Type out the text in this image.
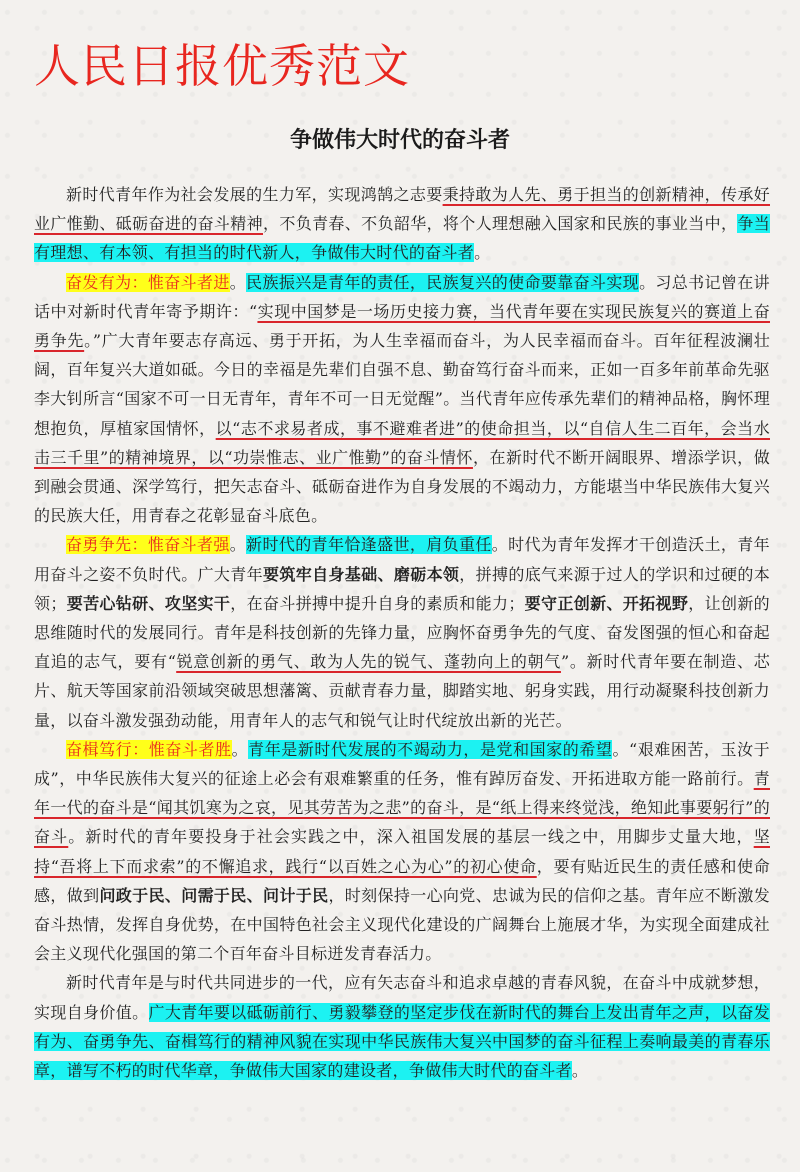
人民日报优秀范文
争做伟大时代的奋斗者

新时代青年作为社会发展的生力军，实现鸿鹄之志要秉持敢为人先、勇于担当的创新精神，传承好业广惟勤、砥砺奋进的奋斗精神，不负青春、不负韶华，将个人理想融入国家和民族的事业当中，争当有理想、有本领、有担当的时代新人，争做伟大时代的奋斗者。

奋发有为：惟奋斗者进。民族振兴是青年的责任，民族复兴的使命要靠奋斗实现。习总书记曾在讲话中对新时代青年寄予期许：“实现中国梦是一场历史接力赛，当代青年要在实现民族复兴的赛道上奋勇争先。”广大青年要志存高远、勇于开拓，为人生幸福而奋斗，为人民幸福而奋斗。百年征程波澜壮阔，百年复兴大道如砥。今日的幸福是先辈们自强不息、勤奋笃行奋斗而来，正如一百多年前革命先驱李大钊所言“国家不可一日无青年，青年不可一日无觉醒”。当代青年应传承先辈们的精神品格，胸怀理想抱负，厚植家国情怀，以“志不求易者成，事不避难者进”的使命担当，以“自信人生二百年，会当水击三千里”的精神境界，以“功崇惟志、业广惟勤”的奋斗情怀，在新时代不断开阔眼界、增添学识，做到融会贯通、深学笃行，把矢志奋斗、砥砺奋进作为自身发展的不竭动力，方能堪当中华民族伟大复兴的民族大任，用青春之花彰显奋斗底色。

奋勇争先：惟奋斗者强。新时代的青年恰逢盛世，肩负重任。时代为青年发挥才干创造沃土，青年用奋斗之姿不负时代。广大青年要筑牢自身基础、磨砺本领，拼搏的底气来源于过人的学识和过硬的本领；要苦心钻研、攻坚实干，在奋斗拼搏中提升自身的素质和能力；要守正创新、开拓视野，让创新的思维随时代的发展同行。青年是科技创新的先锋力量，应胸怀奋勇争先的气度、奋发图强的恒心和奋起直追的志气，要有“锐意创新的勇气、敢为人先的锐气、蓬勃向上的朝气”。新时代青年要在制造、芯片、航天等国家前沿领域突破思想藩篱、贡献青春力量，脚踏实地、躬身实践，用行动凝聚科技创新力量，以奋斗激发强劲动能，用青年人的志气和锐气让时代绽放出新的光芒。

奋楫笃行：惟奋斗者胜。青年是新时代发展的不竭动力，是党和国家的希望。“艰难困苦，玉汝于成”，中华民族伟大复兴的征途上必会有艰难繁重的任务，惟有踔厉奋发、开拓进取方能一路前行。青年一代的奋斗是“闻其饥寒为之哀，见其劳苦为之悲”的奋斗，是“纸上得来终觉浅，绝知此事要躬行”的奋斗。新时代的青年要投身于社会实践之中，深入祖国发展的基层一线之中，用脚步丈量大地，坚持“吾将上下而求索”的不懈追求，践行“以百姓之心为心”的初心使命，要有贴近民生的责任感和使命感，做到问政于民、问需于民、问计于民，时刻保持一心向党、忠诚为民的信仰之基。青年应不断激发奋斗热情，发挥自身优势，在中国特色社会主义现代化建设的广阔舞台上施展才华，为实现全面建成社会主义现代化强国的第二个百年奋斗目标迸发青春活力。

新时代青年是与时代共同进步的一代，应有矢志奋斗和追求卓越的青春风貌，在奋斗中成就梦想，实现自身价值。广大青年要以砥砺前行、勇毅攀登的坚定步伐在新时代的舞台上发出青年之声，以奋发有为、奋勇争先、奋楫笃行的精神风貌在实现中华民族伟大复兴中国梦的奋斗征程上奏响最美的青春乐章，谱写不朽的时代华章，争做伟大国家的建设者，争做伟大时代的奋斗者。
